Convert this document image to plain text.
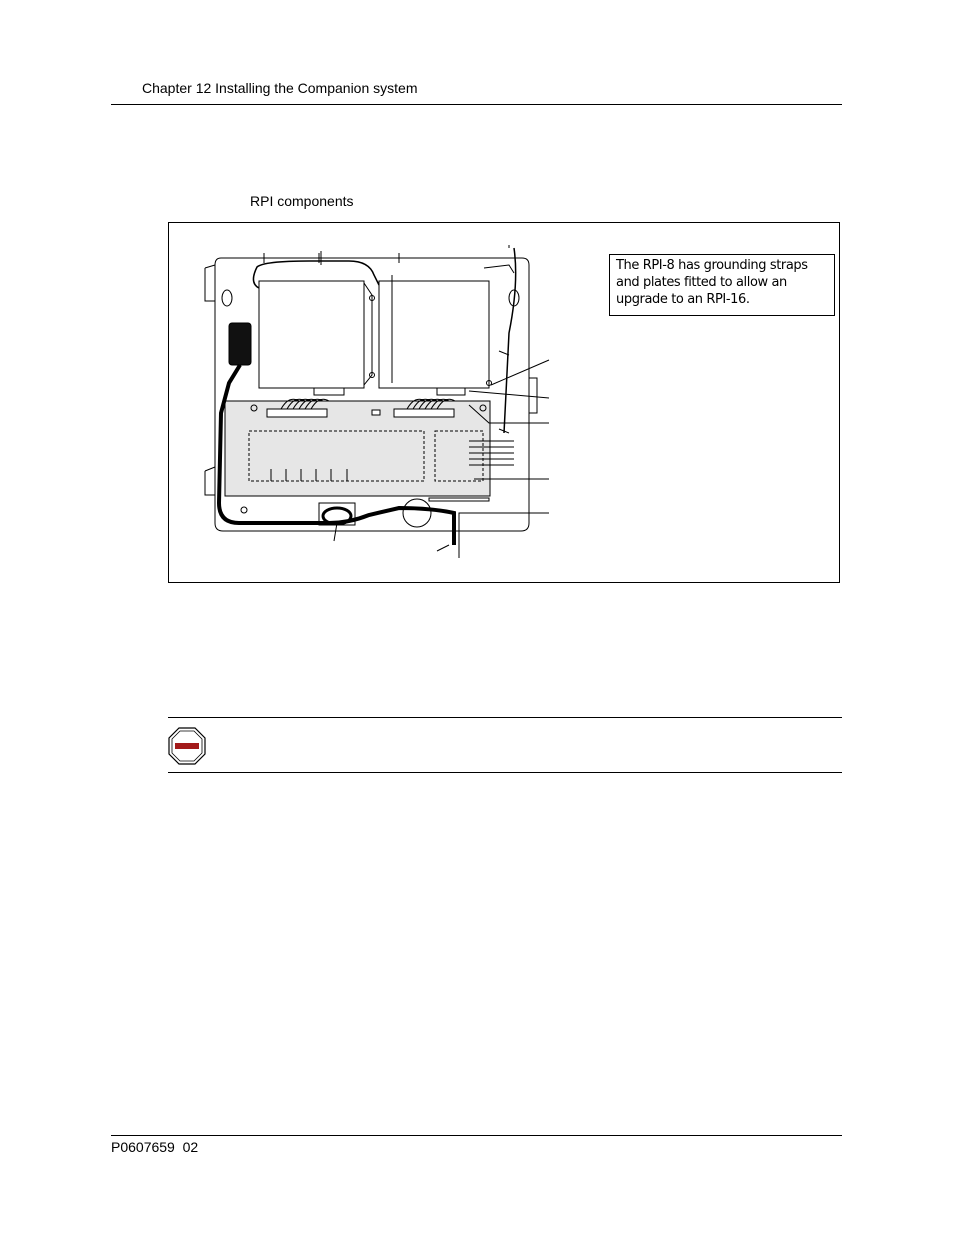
Chapter 12 Installing the Companion system
RPI components
The RPI-8 has grounding straps and plates fitted to allow an upgrade to an RPI-16.
P0607659  02
